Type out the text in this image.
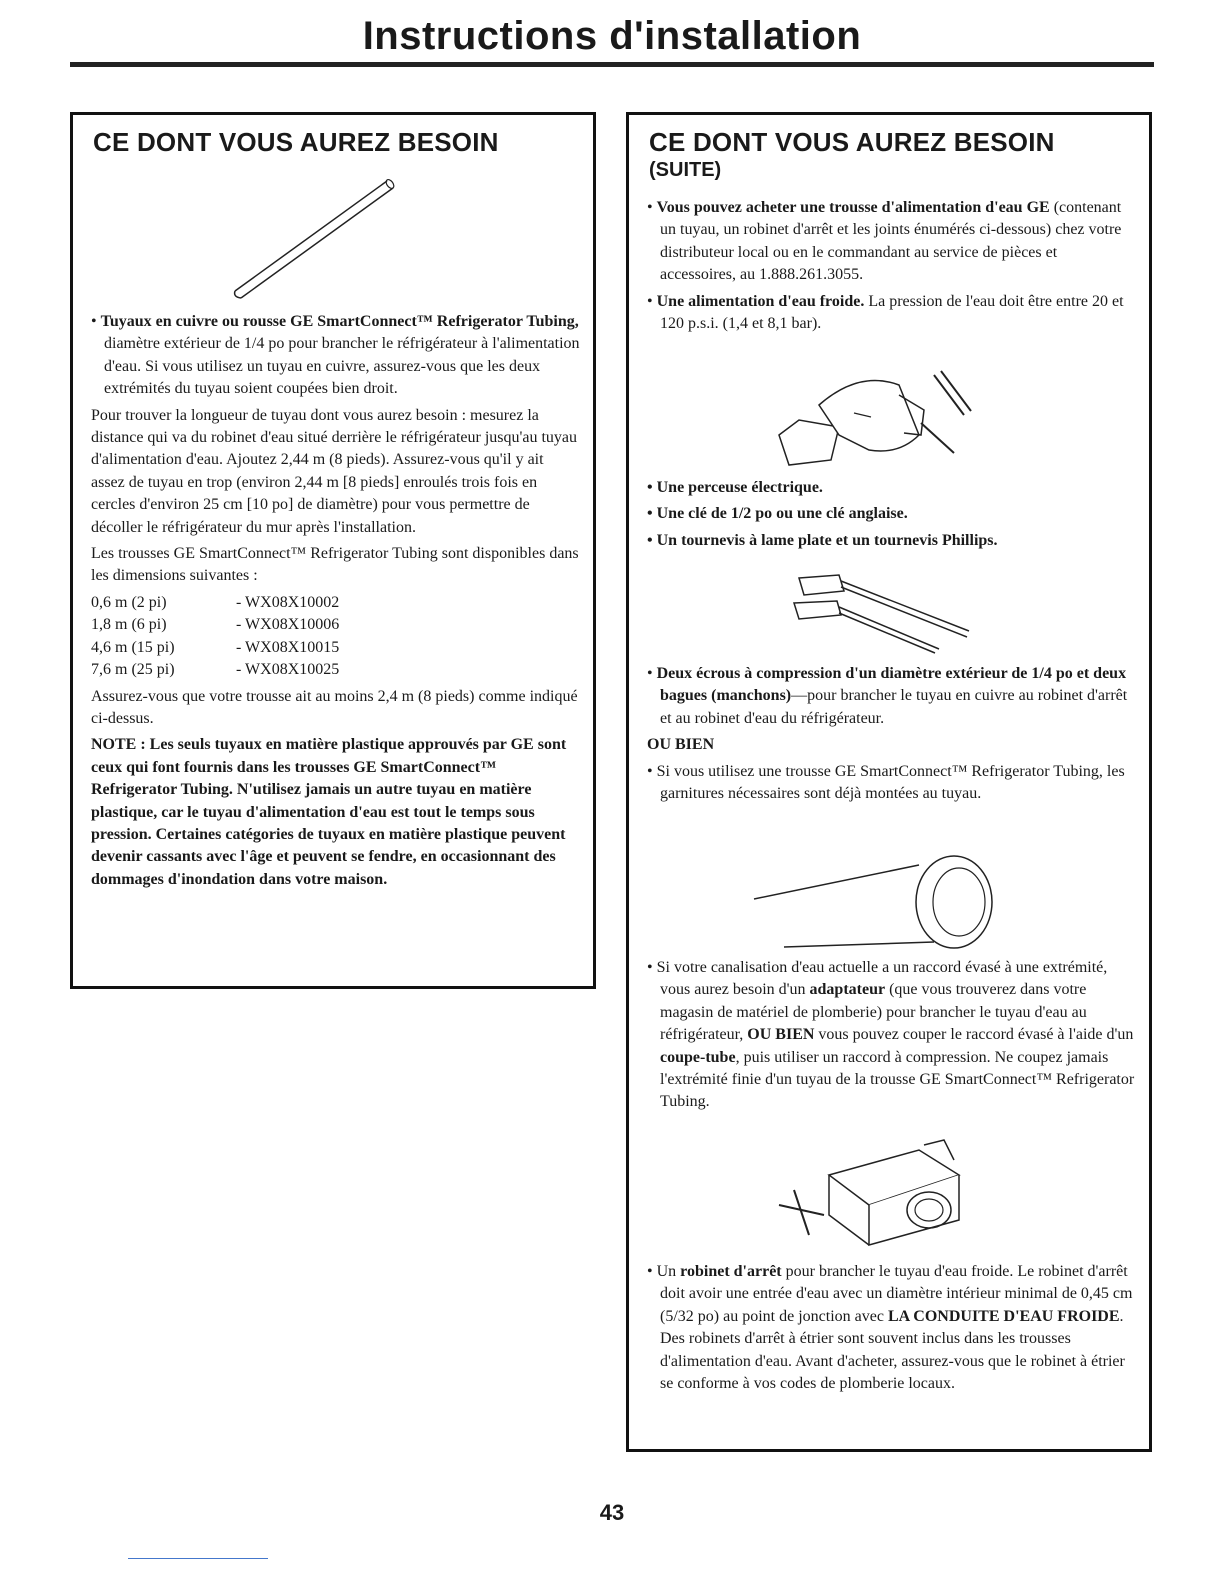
Instructions d'installation
CE DONT VOUS AUREZ BESOIN

• Tuyaux en cuivre ou rousse GE SmartConnect™ Refrigerator Tubing, diamètre extérieur de 1/4 po pour brancher le réfrigérateur à l'alimentation d'eau. Si vous utilisez un tuyau en cuivre, assurez-vous que les deux extrémités du tuyau soient coupées bien droit.

Pour trouver la longueur de tuyau dont vous aurez besoin : mesurez la distance qui va du robinet d'eau situé derrière le réfrigérateur jusqu'au tuyau d'alimentation d'eau. Ajoutez 2,44 m (8 pieds). Assurez-vous qu'il y ait assez de tuyau en trop (environ 2,44 m [8 pieds] enroulés trois fois en cercles d'environ 25 cm [10 po] de diamètre) pour vous permettre de décoller le réfrigérateur du mur après l'installation.

Les trousses GE SmartConnect™ Refrigerator Tubing sont disponibles dans les dimensions suivantes :

0,6 m (2 pi)	- WX08X10002
1,8 m (6 pi)	- WX08X10006
4,6 m (15 pi)	- WX08X10015
7,6 m (25 pi)	- WX08X10025

Assurez-vous que votre trousse ait au moins 2,4 m (8 pieds) comme indiqué ci-dessus.

NOTE : Les seuls tuyaux en matière plastique approuvés par GE sont ceux qui font fournis dans les trousses GE SmartConnect™ Refrigerator Tubing. N'utilisez jamais un autre tuyau en matière plastique, car le tuyau d'alimentation d'eau est tout le temps sous pression. Certaines catégories de tuyaux en matière plastique peuvent devenir cassants avec l'âge et peuvent se fendre, en occasionnant des dommages d'inondation dans votre maison.

CE DONT VOUS AUREZ BESOIN
(SUITE)

• Vous pouvez acheter une trousse d'alimentation d'eau GE (contenant un tuyau, un robinet d'arrêt et les joints énumérés ci-dessous) chez votre distributeur local ou en le commandant au service de pièces et accessoires, au 1.888.261.3055.

• Une alimentation d'eau froide. La pression de l'eau doit être entre 20 et 120 p.s.i. (1,4 et 8,1 bar).

• Une perceuse électrique.

• Une clé de 1/2 po ou une clé anglaise.

• Un tournevis à lame plate et un tournevis Phillips.

• Deux écrous à compression d'un diamètre extérieur de 1/4 po et deux bagues (manchons)—pour brancher le tuyau en cuivre au robinet d'arrêt et au robinet d'eau du réfrigérateur.

OU BIEN

• Si vous utilisez une trousse GE SmartConnect™ Refrigerator Tubing, les garnitures nécessaires sont déjà montées au tuyau.

• Si votre canalisation d'eau actuelle a un raccord évasé à une extrémité, vous aurez besoin d'un adaptateur (que vous trouverez dans votre magasin de matériel de plomberie) pour brancher le tuyau d'eau au réfrigérateur, OU BIEN vous pouvez couper le raccord évasé à l'aide d'un coupe-tube, puis utiliser un raccord à compression. Ne coupez jamais l'extrémité finie d'un tuyau de la trousse GE SmartConnect™ Refrigerator Tubing.

• Un robinet d'arrêt pour brancher le tuyau d'eau froide. Le robinet d'arrêt doit avoir une entrée d'eau avec un diamètre intérieur minimal de 0,45 cm (5/32 po) au point de jonction avec LA CONDUITE D'EAU FROIDE. Des robinets d'arrêt à étrier sont souvent inclus dans les trousses d'alimentation d'eau. Avant d'acheter, assurez-vous que le robinet à étrier se conforme à vos codes de plomberie locaux.

43
